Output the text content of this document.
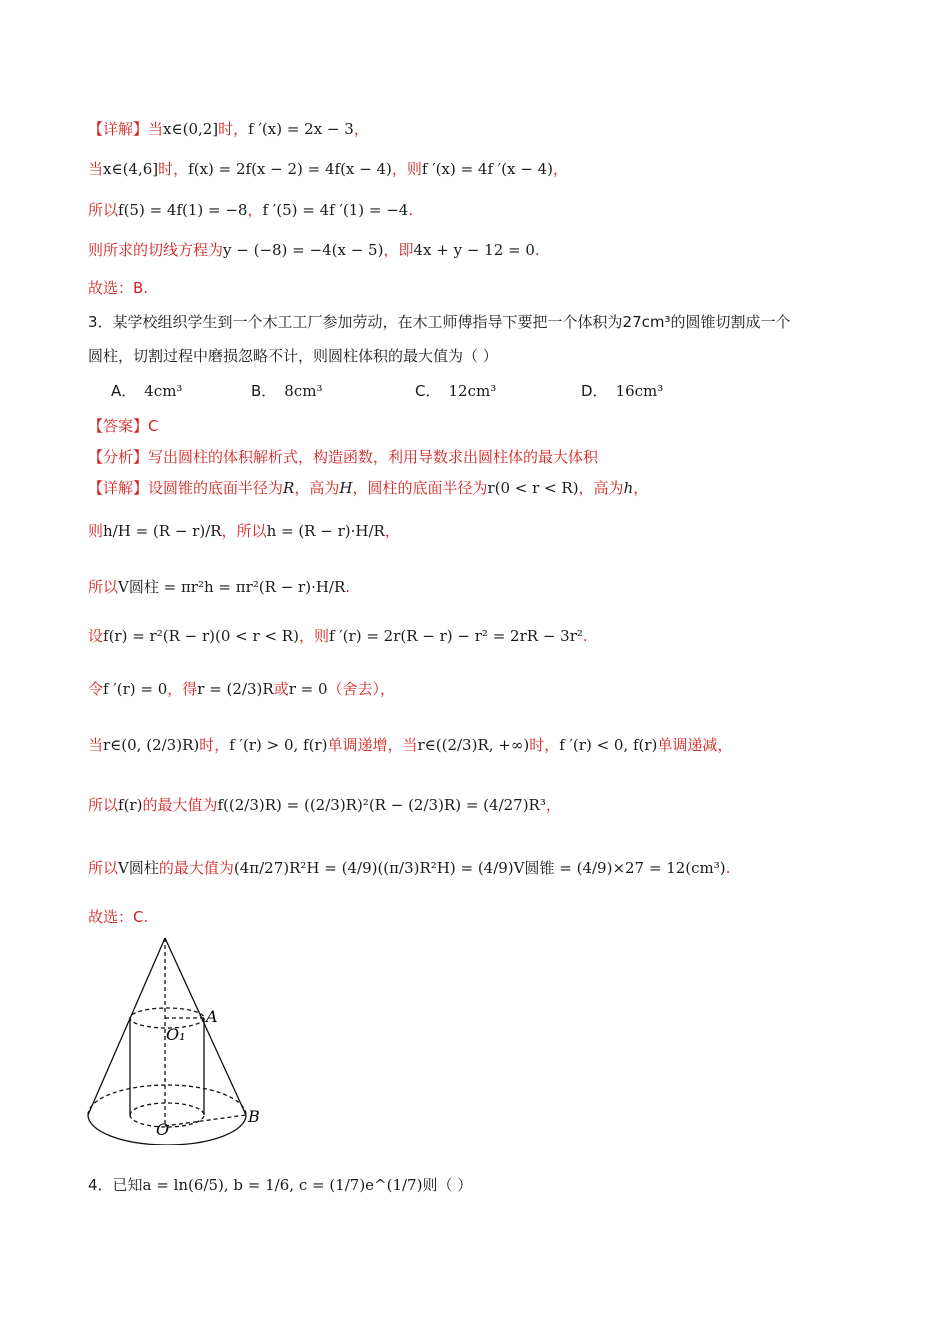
【详解】当x∈(0,2]时，f ′(x) = 2x − 3，
当x∈(4,6]时，f(x) = 2f(x − 2) = 4f(x − 4)，则f ′(x) = 4f ′(x − 4)，
所以f(5) = 4f(1) = −8，f ′(5) = 4f ′(1) = −4.
则所求的切线方程为y − (−8) = −4(x − 5)，即4x + y − 12 = 0.
故选：B.
3．某学校组织学生到一个木工工厂参加劳动，在木工师傅指导下要把一个体积为27cm³的圆锥切割成一个
圆柱，切割过程中磨损忽略不计，则圆柱体积的最大值为（ ）
A． 4cm³	B． 8cm³	C． 12cm³	D． 16cm³
【答案】C
【分析】写出圆柱的体积解析式，构造函数，利用导数求出圆柱体的最大体积
【详解】设圆锥的底面半径为R，高为H，圆柱的底面半径为r(0 < r < R)，高为h，
则h/H = (R − r)/R，所以h = (R − r)·H/R，
所以V圆柱 = πr²h = πr²(R − r)·H/R.
设f(r) = r²(R − r)(0 < r < R)，则f ′(r) = 2r(R − r) − r² = 2rR − 3r².
令f ′(r) = 0，得r = (2/3)R或r = 0（舍去），
当r∈(0, (2/3)R)时，f ′(r) > 0, f(r)单调递增，当r∈((2/3)R, +∞)时，f ′(r) < 0, f(r)单调递减，
所以f(r)的最大值为f((2/3)R) = ((2/3)R)²(R − (2/3)R) = (4/27)R³，
所以V圆柱的最大值为(4π/27)R²H = (4/9)((π/3)R²H) = (4/9)V圆锥 = (4/9)×27 = 12(cm³).
故选：C.
A
O₁
O
B
4．已知a = ln(6/5), b = 1/6, c = (1/7)e^(1/7)则（ ）
